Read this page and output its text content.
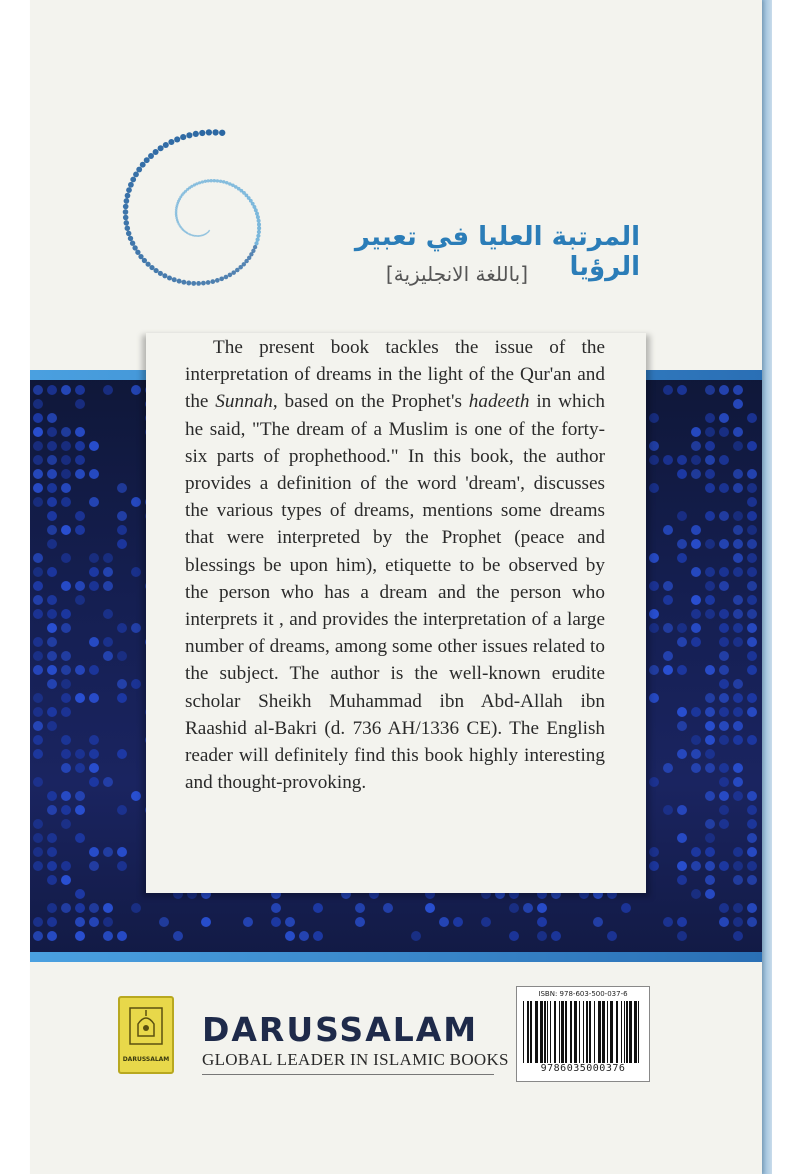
المرتبة العليا في تعبير الرؤيا
[باللغة الانجليزية]

The present book tackles the issue of the interpretation of dreams in the light of the Qur'an and the Sunnah, based on the Prophet's hadeeth in which he said, "The dream of a Muslim is one of the forty-six parts of prophethood." In this book, the author provides a definition of the word 'dream', discusses the various types of dreams, mentions some dreams that were interpreted by the Prophet (peace and blessings be upon him), etiquette to be observed by the person who has a dream and the person who interprets it , and provides the interpretation of a large number of dreams, among some other issues related to the subject. The author is the well-known erudite scholar Sheikh Muhammad ibn Abd-Allah ibn Raashid al-Bakri (d. 736 AH/1336 CE). The English reader will definitely find this book highly interesting and thought-provoking.

DARUSSALAM
DARUSSALAM
GLOBAL LEADER IN ISLAMIC BOOKS
ISBN: 978-603-500-037-6
9786035000376
